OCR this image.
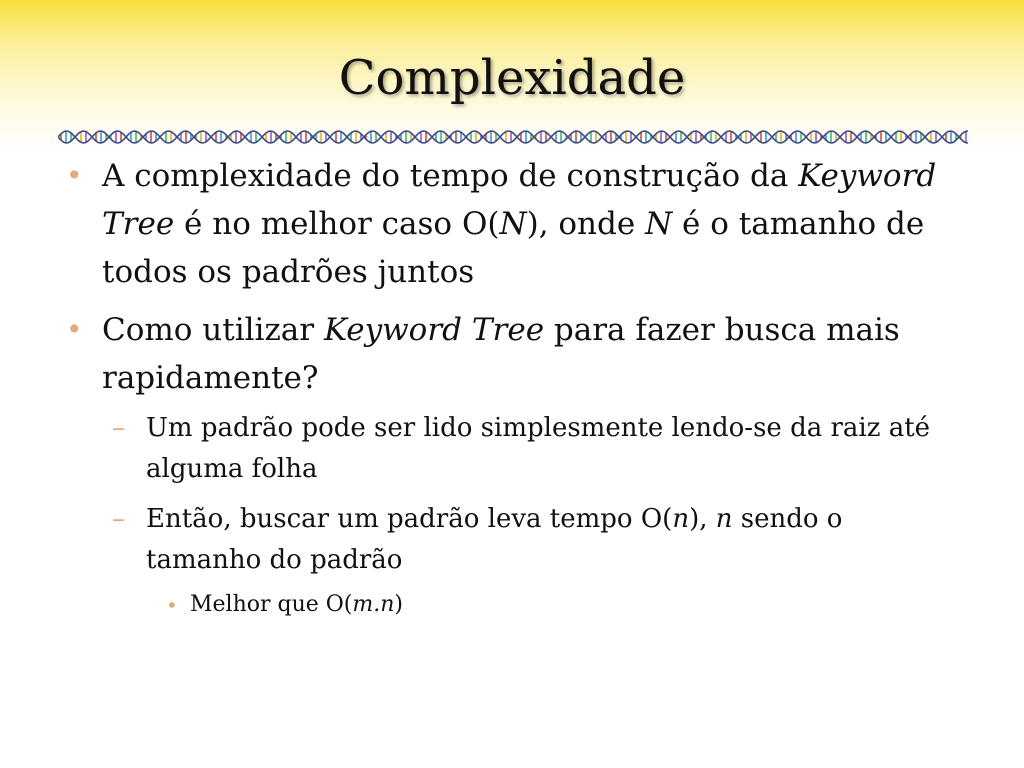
Complexidade
• A complexidade do tempo de construção da Keyword Tree é no melhor caso O(N), onde N é o tamanho de todos os padrões juntos
• Como utilizar Keyword Tree para fazer busca mais rapidamente?
– Um padrão pode ser lido simplesmente lendo-se da raiz até alguma folha
– Então, buscar um padrão leva tempo O(n), n sendo o tamanho do padrão
• Melhor que O(m.n)
